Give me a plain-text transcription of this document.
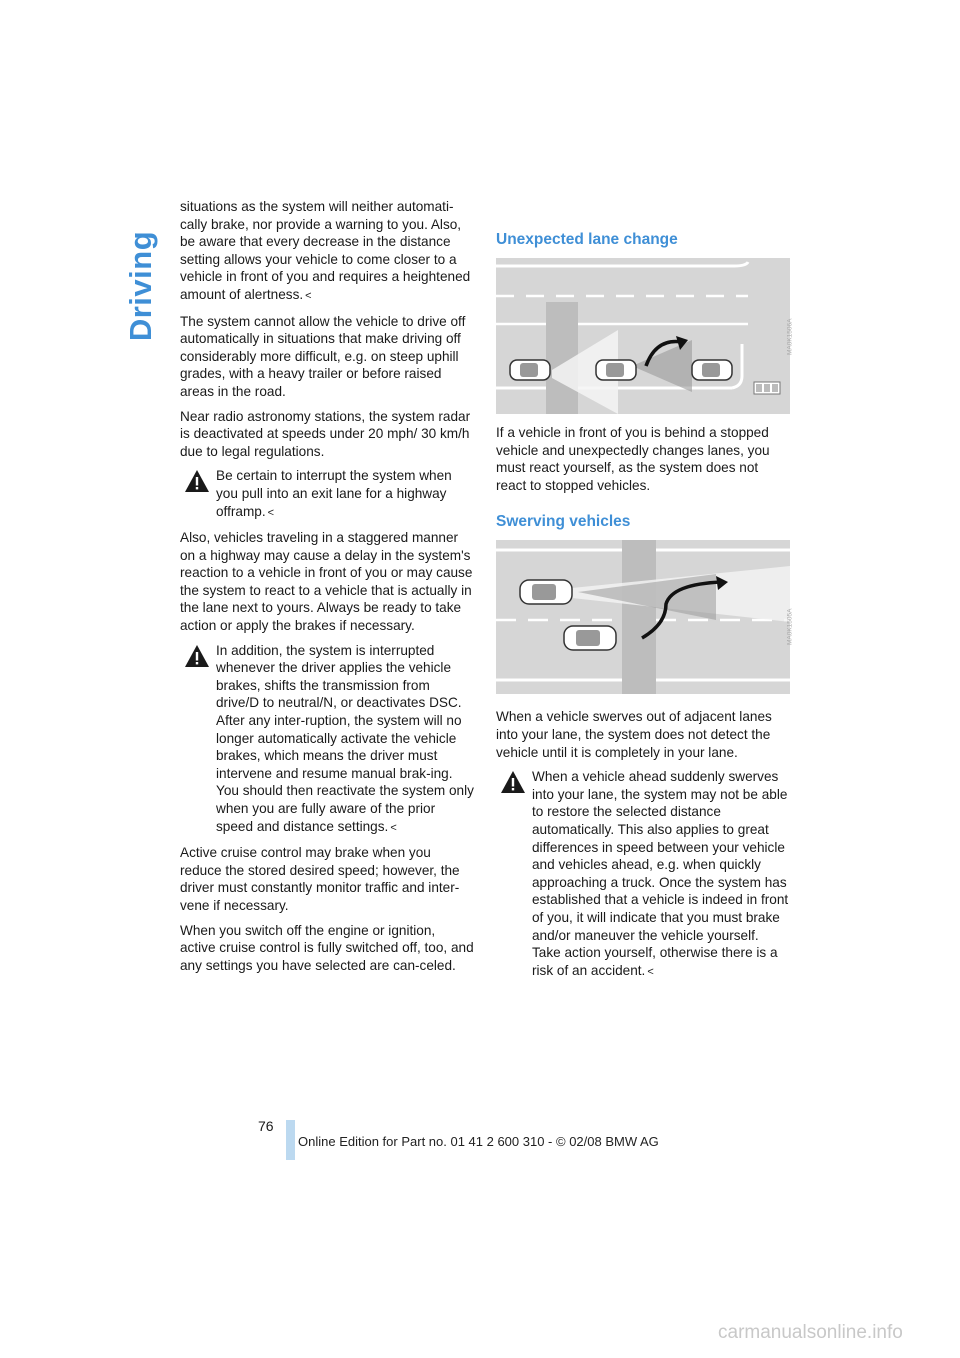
Driving

situations as the system will neither automati-cally brake, nor provide a warning to you. Also, be aware that every decrease in the distance setting allows your vehicle to come closer to a vehicle in front of you and requires a heightened amount of alertness. <

The system cannot allow the vehicle to drive off automatically in situations that make driving off considerably more difficult, e.g. on steep uphill grades, with a heavy trailer or before raised areas in the road.

Near radio astronomy stations, the system radar is deactivated at speeds under 20 mph/ 30 km/h due to legal regulations.

Be certain to interrupt the system when you pull into an exit lane for a highway offramp. <

Also, vehicles traveling in a staggered manner on a highway may cause a delay in the system's reaction to a vehicle in front of you or may cause the system to react to a vehicle that is actually in the lane next to yours. Always be ready to take action or apply the brakes if necessary.

In addition, the system is interrupted whenever the driver applies the vehicle brakes, shifts the transmission from drive/D to neutral/N, or deactivates DSC. After any inter-ruption, the system will no longer automatically activate the vehicle brakes, which means the driver must intervene and resume manual brak-ing. You should then reactivate the system only when you are fully aware of the prior speed and distance settings. <

Active cruise control may brake when you reduce the stored desired speed; however, the driver must constantly monitor traffic and inter-vene if necessary.

When you switch off the engine or ignition, active cruise control is fully switched off, too, and any settings you have selected are can-celed.

Unexpected lane change
MA0K1506A

If a vehicle in front of you is behind a stopped vehicle and unexpectedly changes lanes, you must react yourself, as the system does not react to stopped vehicles.

Swerving vehicles
MA0K1505A

When a vehicle swerves out of adjacent lanes into your lane, the system does not detect the vehicle until it is completely in your lane.

When a vehicle ahead suddenly swerves into your lane, the system may not be able to restore the selected distance automatically. This also applies to great differences in speed between your vehicle and vehicles ahead, e.g. when quickly approaching a truck. Once the system has established that a vehicle is indeed in front of you, it will indicate that you must brake and/or maneuver the vehicle yourself. Take action yourself, otherwise there is a risk of an accident. <
76
Online Edition for Part no. 01 41 2 600 310 - © 02/08 BMW AG
carmanualsonline.info
